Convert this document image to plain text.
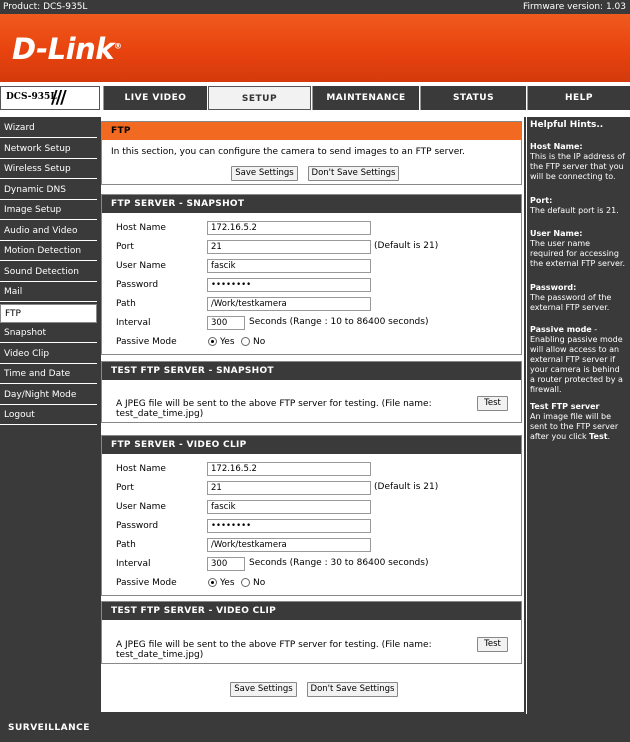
Product: DCS-935L	Firmware version: 1.03
D-Link®
DCS-935L
///	LIVE VIDEO	SETUP	MAINTENANCE	STATUS	HELP
Wizard
Network Setup
Wireless Setup
Dynamic DNS
Image Setup
Audio and Video
Motion Detection
Sound Detection
Mail
FTP
Snapshot
Video Clip
Time and Date
Day/Night Mode
Logout
FTP
In this section, you can configure the camera to send images to an FTP server.
Save Settings	Don't Save Settings
FTP SERVER - SNAPSHOT
Host Name	172.16.5.2
Port	21	(Default is 21)
User Name	fascik
Password	••••••••
Path	/Work/testkamera
Interval	300	Seconds (Range : 10 to 86400 seconds)
Passive Mode	Yes No
TEST FTP SERVER - SNAPSHOT
A JPEG file will be sent to the above FTP server for testing. (File name: test_date_time.jpg)
Test
FTP SERVER - VIDEO CLIP
Host Name	172.16.5.2
Port	21	(Default is 21)
User Name	fascik
Password	••••••••
Path	/Work/testkamera
Interval	300	Seconds (Range : 30 to 86400 seconds)
Passive Mode	Yes No
TEST FTP SERVER - VIDEO CLIP
A JPEG file will be sent to the above FTP server for testing. (File name: test_date_time.jpg)
Test
Save Settings	Don't Save Settings
Helpful Hints..
Host Name:
This is the IP address of the FTP server that you will be connecting to.
Port:
The default port is 21.
User Name:
The user name required for accessing the external FTP server.
Password:
The password of the external FTP server.
Passive mode - Enabling passive mode will allow access to an external FTP server if your camera is behind a router protected by a firewall.
Test FTP server
An image file will be sent to the FTP server after you click Test.
SURVEILLANCE
